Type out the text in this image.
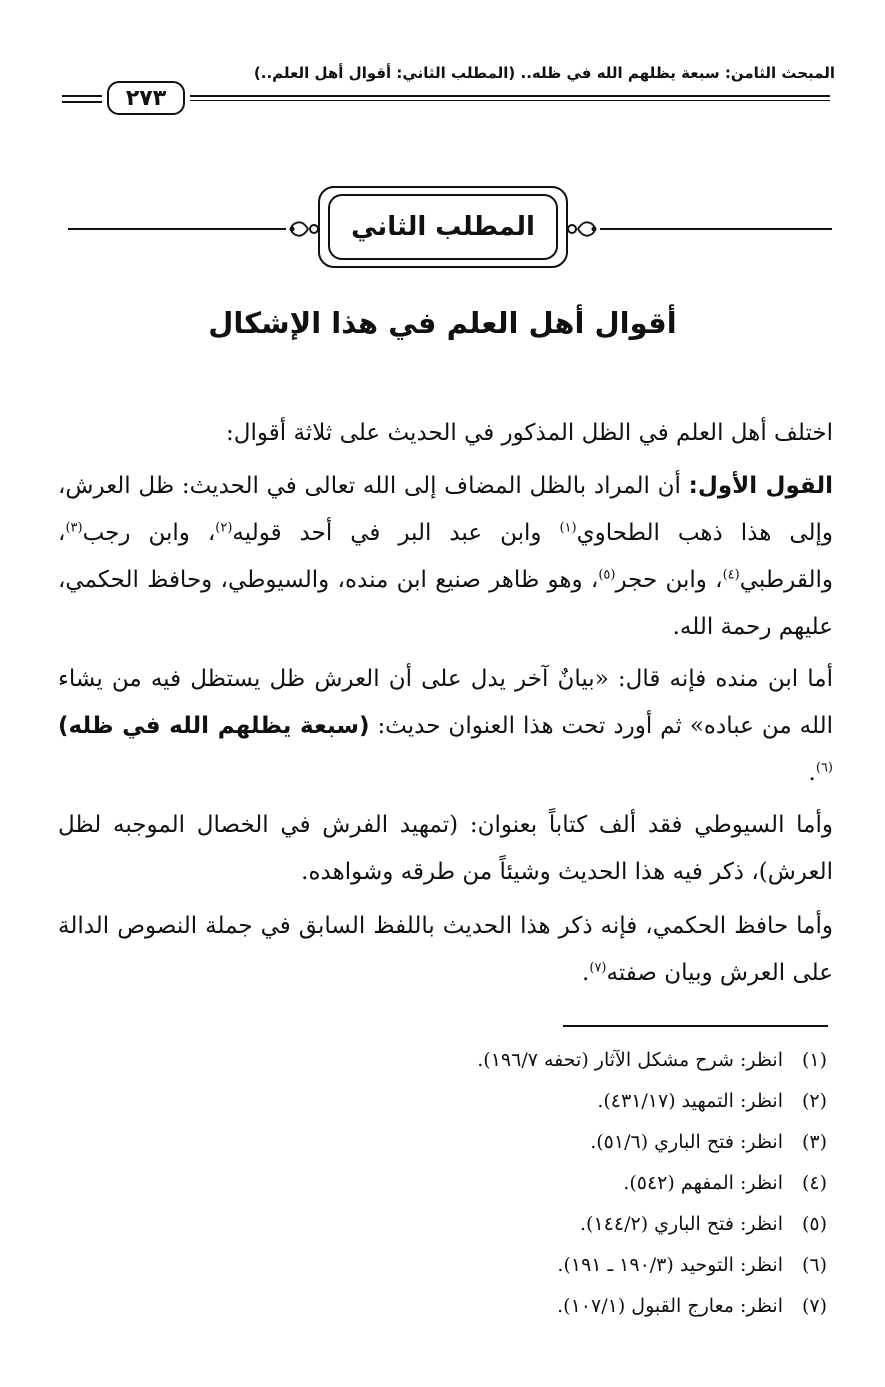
المبحث الثامن: سبعة يظلهم الله في ظله.. (المطلب الثاني: أقوال أهل العلم..)
٢٧٣
المطلب الثاني
أقوال أهل العلم في هذا الإشكال
اختلف أهل العلم في الظل المذكور في الحديث على ثلاثة أقوال:
القول الأول: أن المراد بالظل المضاف إلى الله تعالى في الحديث: ظل العرش، وإلى هذا ذهب الطحاوي$^{(١)}$ وابن عبد البر في أحد قوليه$^{(٢)}$، وابن رجب$^{(٣)}$، والقرطبي$^{(٤)}$، وابن حجر$^{(٥)}$، وهو ظاهر صنيع ابن منده، والسيوطي، وحافظ الحكمي، عليهم رحمة الله.
أما ابن منده فإنه قال: «بيانٌ آخر يدل على أن العرش ظل يستظل فيه من يشاء الله من عباده» ثم أورد تحت هذا العنوان حديث: (سبعة يظلهم الله في ظله)$^{(٦)}$.
وأما السيوطي فقد ألف كتاباً بعنوان: (تمهيد الفرش في الخصال الموجبه لظل العرش)، ذكر فيه هذا الحديث وشيئاً من طرقه وشواهده.
وأما حافظ الحكمي، فإنه ذكر هذا الحديث باللفظ السابق في جملة النصوص الدالة على العرش وبيان صفته$^{(٧)}$.
(١)انظر: شرح مشكل الآثار (تحفه ١٩٦/٧).
(٢)انظر: التمهيد (٤٣١/١٧).
(٣)انظر: فتح الباري (٥١/٦).
(٤)انظر: المفهم (٥٤٢).
(٥)انظر: فتح الباري (١٤٤/٢).
(٦)انظر: التوحيد (١٩٠/٣ ـ ١٩١).
(٧)انظر: معارج القبول (١٠٧/١).
